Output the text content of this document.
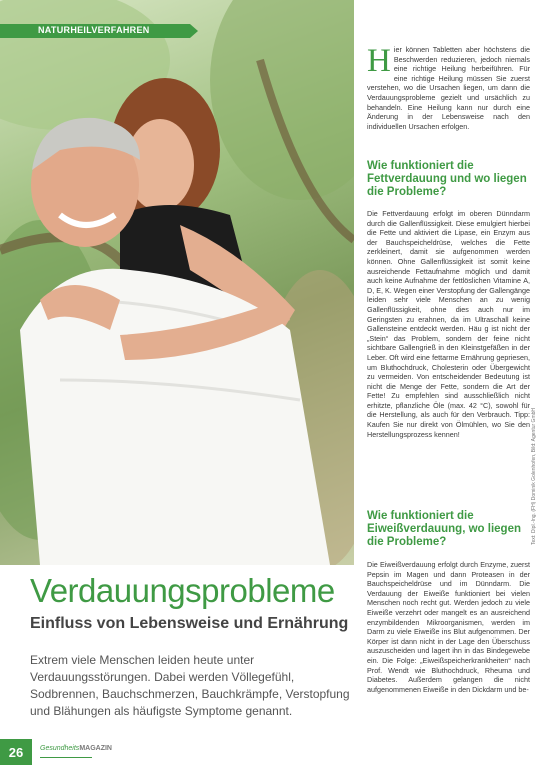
NATURHEILVERFAHREN
Verdauungsprobleme
Einfluss von Lebensweise und Ernährung
Extrem viele Menschen leiden heute unter Verdauungsstörungen. Dabei werden Völlegefühl, Sodbrennen, Bauchschmerzen, Bauchkrämpfe, Verstopfung und Blähungen als häufigste Symptome genannt.
H ier können Tabletten aber höchstens die Beschwerden reduzieren, jedoch niemals eine richtige Heilung herbeiführen. Für eine richtige Heilung müssen Sie zuerst verstehen, wo die Ursachen liegen, um dann die Verdauungsprobleme gezielt und ursächlich zu behandeln. Eine Heilung kann nur durch eine Änderung in der Lebensweise nach den individuellen Ursachen erfolgen.

Wie funktioniert die Fettverdauung und wo liegen die Probleme?

Die Fettverdauung erfolgt im oberen Dünndarm durch die Gallenflüssigkeit. Diese emulgiert hierbei die Fette und aktiviert die Lipase, ein Enzym aus der Bauchspeicheldrüse, welches die Fette zerkleinert, damit sie aufgenommen werden können. Ohne Gallenflüssigkeit ist somit keine ausreichende Fettaufnahme möglich und damit auch keine Aufnahme der fettlöslichen Vitamine A, D, E, K. Wegen einer Verstopfung der Gallengänge leiden sehr viele Menschen an zu wenig Gallenflüssigkeit, ohne dies auch nur im Geringsten zu erahnen, da im Ultraschall keine Gallensteine entdeckt werden. Häu g ist nicht der „Stein“ das Problem, sondern der feine nicht sichtbare Gallengrieß in den Kleinstgefäßen in der Leber. Oft wird eine fettarme Ernährung gepriesen, um Bluthochdruck, Cholesterin oder Übergewicht zu vermeiden. Von entscheidender Bedeutung ist nicht die Menge der Fette, sondern die Art der Fette! Zu empfehlen sind ausschließlich nicht erhitzte, pflanzliche Öle (max. 42 °C), sowohl für die Herstellung, als auch für den Verbrauch. Tipp: Kaufen Sie nur direkt von Ölmühlen, wo Sie den Herstellungsprozess kennen!

Wie funktioniert die Eiweißverdauung, wo liegen die Probleme?

Die Eiweißverdauung erfolgt durch Enzyme, zuerst Pepsin im Magen und dann Proteasen in der Bauchspeicheldrüse und im Dünndarm. Die Verdauung der Eiweiße funktioniert bei vielen Menschen noch recht gut. Werden jedoch zu viele Eiweiße verzehrt oder mangelt es an ausreichend enzymbildenden Mikroorganismen, werden im Darm zu viele Eiweiße ins Blut aufgenommen. Der Körper ist dann nicht in der Lage den Überschuss auszuscheiden und lagert ihn in das Bindegewebe ein. Die Folge: „Eiweißspeicherkrankheiten“ nach Prof. Wendt wie Bluthochdruck, Rheuma und Diabetes. Außerdem gelangen die nicht aufgenommenen Eiweiße in den Dickdarm und be-

Text: Dipl.-Ing. (FH) Dominik Golenhofen, Bild: Agentur GmbH
26	GesundheitsMAGAZIN
